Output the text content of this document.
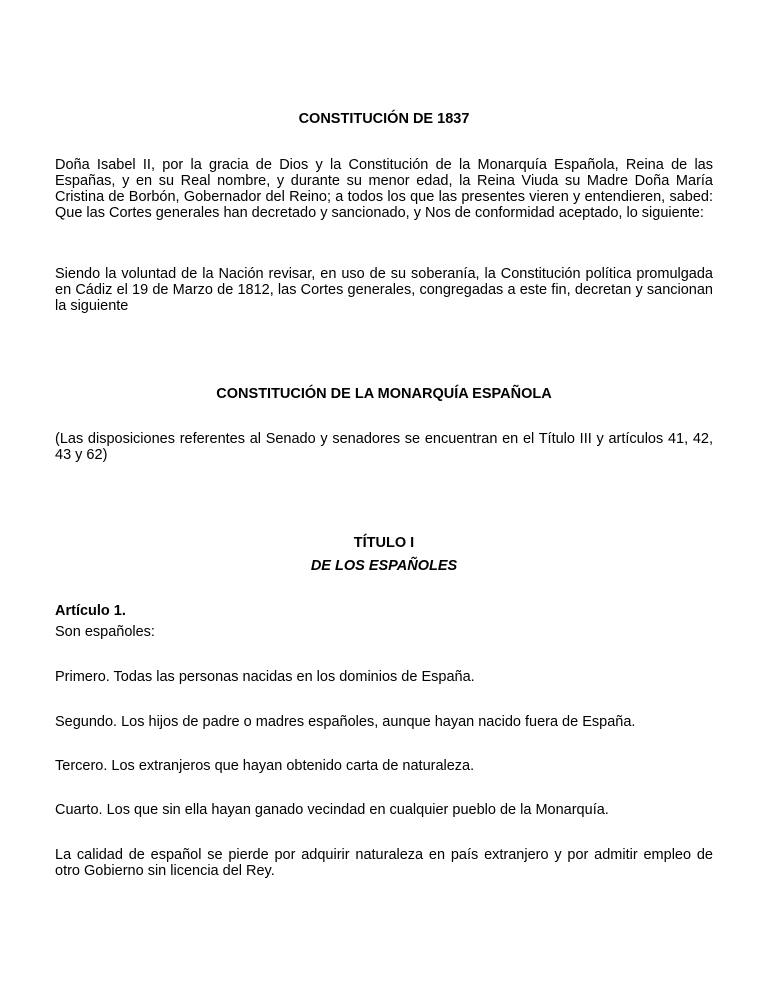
CONSTITUCIÓN DE 1837
Doña Isabel II, por la gracia de Dios y la Constitución de la Monarquía Española, Reina de las Españas, y en su Real nombre, y durante su menor edad, la Reina Viuda su Madre Doña María Cristina de Borbón, Gobernador del Reino; a todos los que las presentes vieren y entendieren, sabed: Que las Cortes generales han decretado y sancionado, y Nos de conformidad aceptado, lo siguiente:
Siendo la voluntad de la Nación revisar, en uso de su soberanía, la Constitución política promulgada en Cádiz el 19 de Marzo de 1812, las Cortes generales, congregadas a este fin, decretan y sancionan la siguiente
CONSTITUCIÓN DE LA MONARQUÍA ESPAÑOLA
(Las disposiciones referentes al Senado y senadores se encuentran en el Título III y artículos 41, 42, 43 y 62)
TÍTULO I
DE LOS ESPAÑOLES
Artículo 1.
Son españoles:
Primero. Todas las personas nacidas en los dominios de España.
Segundo. Los hijos de padre o madres españoles, aunque hayan nacido fuera de España.
Tercero. Los extranjeros que hayan obtenido carta de naturaleza.
Cuarto. Los que sin ella hayan ganado vecindad en cualquier pueblo de la Monarquía.
La calidad de español se pierde por adquirir naturaleza en país extranjero y por admitir empleo de otro Gobierno sin licencia del Rey.
